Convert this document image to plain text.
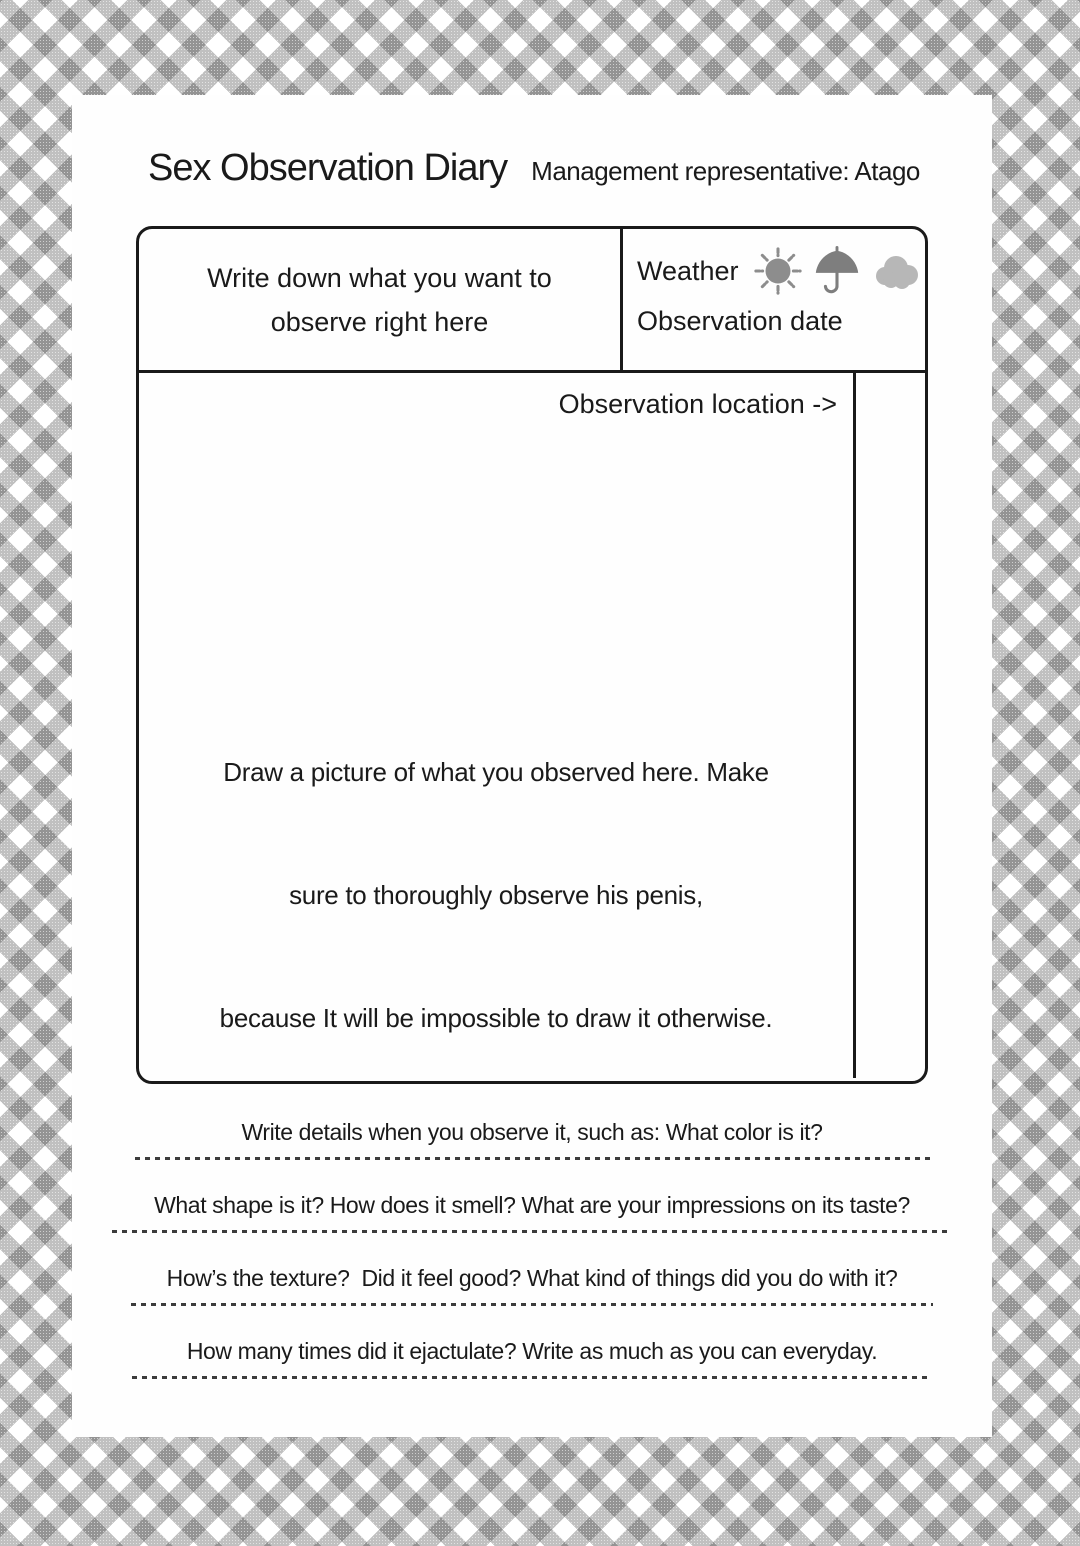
Sex Observation Diary Management representative: Atago
Write down what you want to
observe right here
Weather
Observation date
Observation location ->

Draw a picture of what you observed here. Make

sure to thoroughly observe his penis,

because It will be impossible to draw it otherwise.

Write details when you observe it, such as: What color is it?
What shape is it? How does it smell? What are your impressions on its taste?
How’s the texture?  Did it feel good? What kind of things did you do with it?
How many times did it ejactulate? Write as much as you can everyday.
